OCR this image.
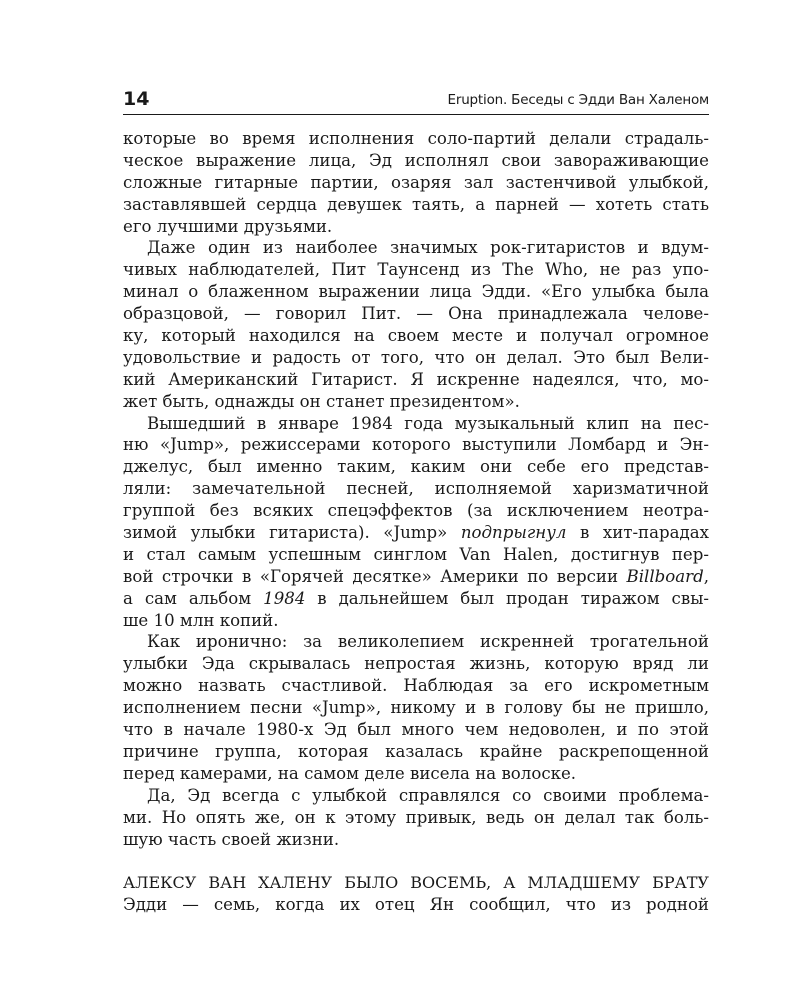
14	Eruption. Беседы с Эдди Ван Халеном
которые во время исполнения соло-партий делали страдаль-
ческое выражение лица, Эд исполнял свои завораживающие
сложные гитарные партии, озаряя зал застенчивой улыбкой,
заставлявшей сердца девушек таять, а парней — хотеть стать
его лучшими друзьями.
Даже один из наиболее значимых рок-гитаристов и вдум-
чивых наблюдателей, Пит Таунсенд из The Who, не раз упо-
минал о блаженном выражении лица Эдди. «Его улыбка была
образцовой, — говорил Пит. — Она принадлежала челове-
ку, который находился на своем месте и получал огромное
удовольствие и радость от того, что он делал. Это был Вели-
кий Американский Гитарист. Я искренне надеялся, что, мо-
жет быть, однажды он станет президентом».
Вышедший в январе 1984 года музыкальный клип на пес-
ню «Jump», режиссерами которого выступили Ломбард и Эн-
джелус, был именно таким, каким они себе его представ-
ляли: замечательной песней, исполняемой харизматичной
группой без всяких спецэффектов (за исключением неотра-
зимой улыбки гитариста). «Jump» подпрыгнул в хит-парадах
и стал самым успешным синглом Van Halen, достигнув пер-
вой строчки в «Горячей десятке» Америки по версии Billboard,
а сам альбом 1984 в дальнейшем был продан тиражом свы-
ше 10 млн копий.
Как иронично: за великолепием искренней трогательной
улыбки Эда скрывалась непростая жизнь, которую вряд ли
можно назвать счастливой. Наблюдая за его искрометным
исполнением песни «Jump», никому и в голову бы не пришло,
что в начале 1980-х Эд был много чем недоволен, и по этой
причине группа, которая казалась крайне раскрепощенной
перед камерами, на самом деле висела на волоске.
Да, Эд всегда с улыбкой справлялся со своими проблема-
ми. Но опять же, он к этому привык, ведь он делал так боль-
шую часть своей жизни.
АЛЕКСУ ВАН ХАЛЕНУ БЫЛО ВОСЕМЬ, А МЛАДШЕМУ БРАТУ
Эдди — семь, когда их отец Ян сообщил, что из родной
